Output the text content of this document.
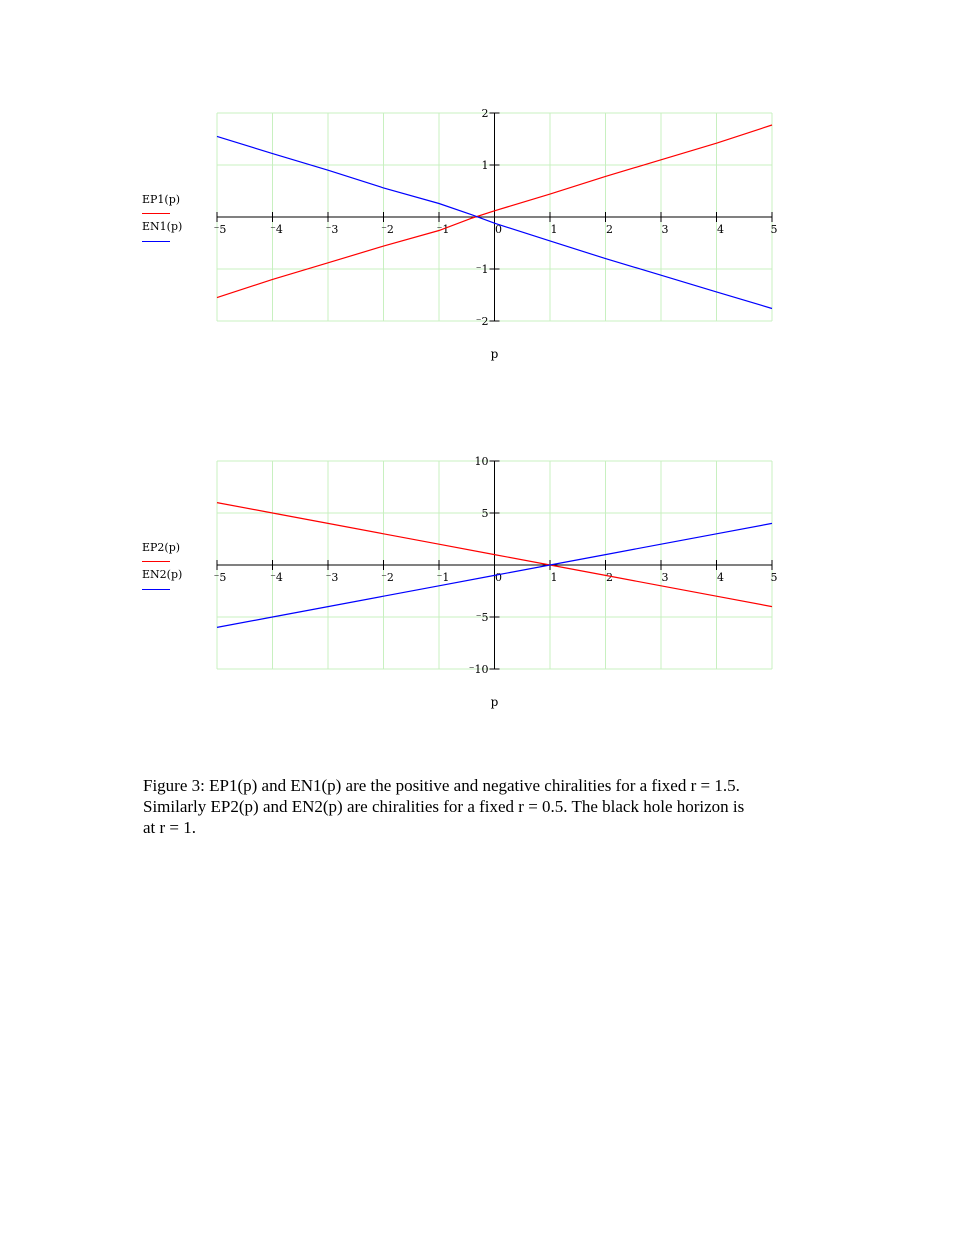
⁻5	⁻4	⁻3	⁻2	⁻1	0	1	2	3	4	5
2
1
⁻1
⁻2
p
EP1(p)
EN1(p)
⁻5	⁻4	⁻3	⁻2	⁻1	0	1	2	3	4	5
10
5
⁻5
⁻10
p
EP2(p)
EN2(p)
Figure 3: EP1(p) and EN1(p) are the positive and negative chiralities for a fixed r = 1.5.
Similarly EP2(p) and EN2(p) are chiralities for a fixed r = 0.5. The black hole horizon is
at r = 1.
